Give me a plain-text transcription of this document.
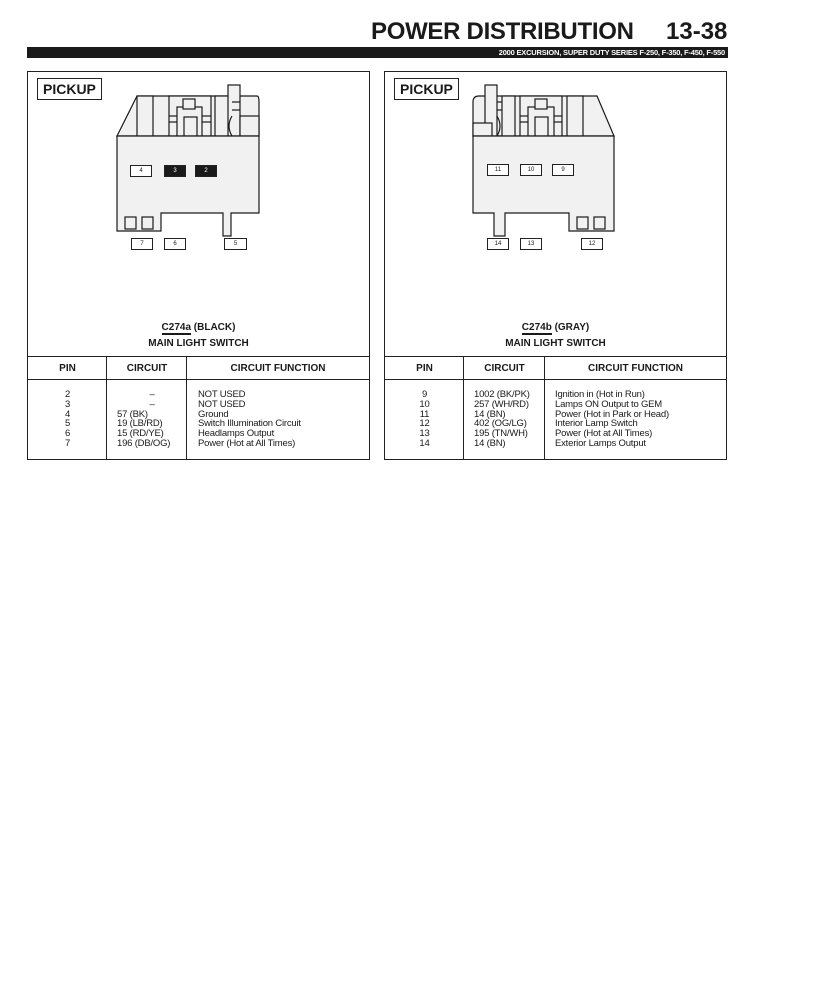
POWER DISTRIBUTION 13-38
2000 EXCURSION, SUPER DUTY SERIES F-250, F-350, F-450, F-550
PICKUP
4	3	2
7	6	5
C274a (BLACK)
MAIN LIGHT SWITCH
PIN	CIRCUIT	CIRCUIT FUNCTION
2	–	NOT USED
3	–	NOT USED
4	57 (BK)	Ground
5	19 (LB/RD)	Switch Illumination Circuit
6	15 (RD/YE)	Headlamps Output
7	196 (DB/OG)	Power (Hot at All Times)
PICKUP
11	10	9
14	13	12
C274b (GRAY)
MAIN LIGHT SWITCH
PIN	CIRCUIT	CIRCUIT FUNCTION
9	1002 (BK/PK)	Ignition in (Hot in Run)
10	257 (WH/RD)	Lamps ON Output to GEM
11	14 (BN)	Power (Hot in Park or Head)
12	402 (OG/LG)	Interior Lamp Switch
13	195 (TN/WH)	Power (Hot at All Times)
14	14 (BN)	Exterior Lamps Output
